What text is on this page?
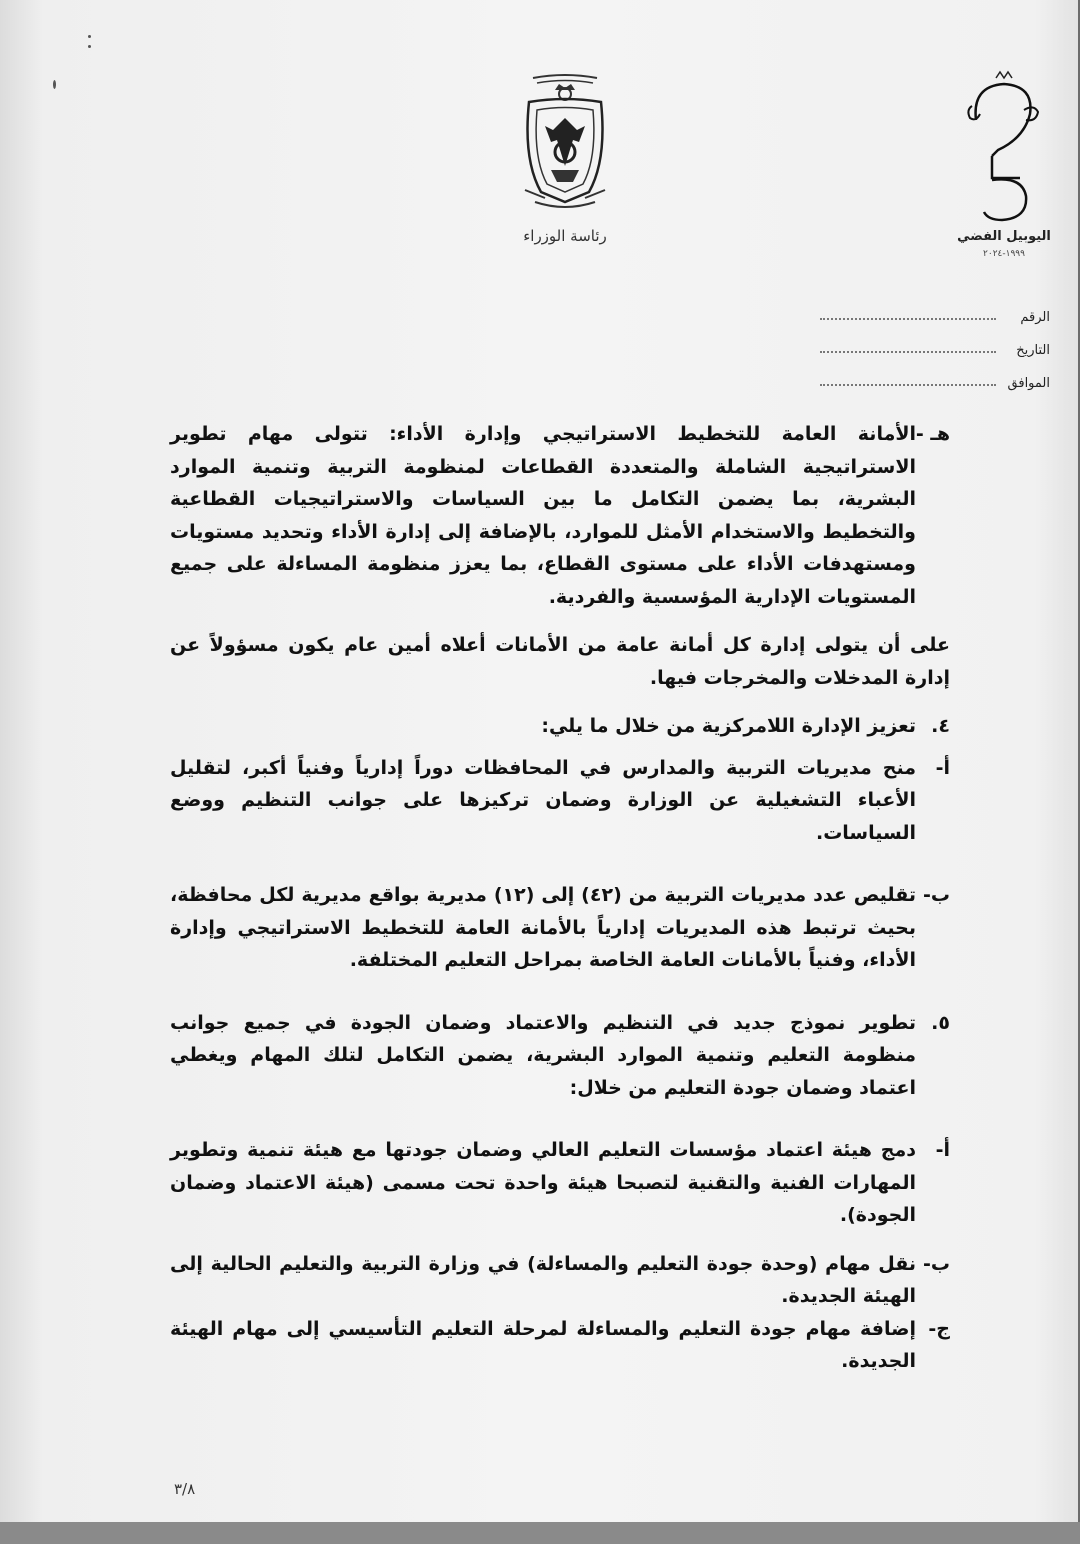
رئاسة الوزراء	اليوبيل الفضي
١٩٩٩-٢٠٢٤
الرقم
التاريخ
الموافق
هـ -
الأمانة العامة للتخطيط الاستراتيجي وإدارة الأداء: تتولى مهام تطوير الاستراتيجية الشاملة والمتعددة القطاعات لمنظومة التربية وتنمية الموارد البشرية، بما يضمن التكامل ما بين السياسات والاستراتيجيات القطاعية والتخطيط والاستخدام الأمثل للموارد، بالإضافة إلى إدارة الأداء وتحديد مستويات ومستهدفات الأداء على مستوى القطاع، بما يعزز منظومة المساءلة على جميع المستويات الإدارية المؤسسية والفردية.

على أن يتولى إدارة كل أمانة عامة من الأمانات أعلاه أمين عام يكون مسؤولاً عن إدارة المدخلات والمخرجات فيها.

٤.
تعزيز الإدارة اللامركزية من خلال ما يلي:
أ-
منح مديريات التربية والمدارس في المحافظات دوراً إدارياً وفنياً أكبر، لتقليل الأعباء التشغيلية عن الوزارة وضمان تركيزها على جوانب التنظيم ووضع السياسات.
ب-
تقليص عدد مديريات التربية من (٤٢) إلى (١٢) مديرية بواقع مديرية لكل محافظة، بحيث ترتبط هذه المديريات إدارياً بالأمانة العامة للتخطيط الاستراتيجي وإدارة الأداء، وفنياً بالأمانات العامة الخاصة بمراحل التعليم المختلفة.
٥.
تطوير نموذج جديد في التنظيم والاعتماد وضمان الجودة في جميع جوانب منظومة التعليم وتنمية الموارد البشرية، يضمن التكامل لتلك المهام ويغطي اعتماد وضمان جودة التعليم من خلال:
أ-
دمج هيئة اعتماد مؤسسات التعليم العالي وضمان جودتها مع هيئة تنمية وتطوير المهارات الفنية والتقنية لتصبحا هيئة واحدة تحت مسمى (هيئة الاعتماد وضمان الجودة).
ب-
نقل مهام (وحدة جودة التعليم والمساءلة) في وزارة التربية والتعليم الحالية إلى الهيئة الجديدة.
ج-
إضافة مهام جودة التعليم والمساءلة لمرحلة التعليم التأسيسي إلى مهام الهيئة الجديدة.
٣/٨
